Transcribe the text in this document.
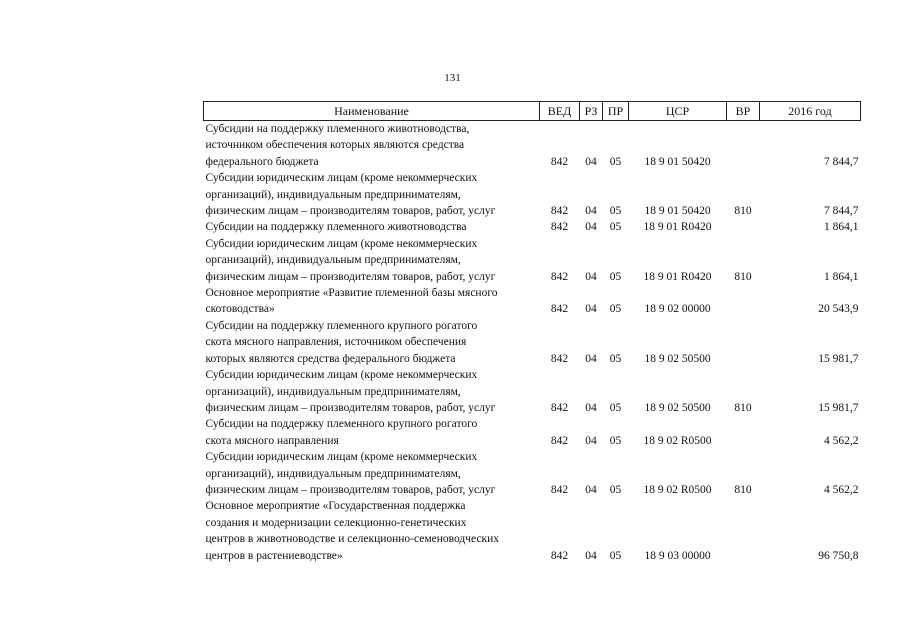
131
Наименование	ВЕД	РЗ	ПР	ЦСР	ВР	2016 год

Субсидии на поддержку племенного животноводства,
источником обеспечения которых являются средства
федерального бюджета	842	04	05	18 9 01 50420		7 844,7

Субсидии юридическим лицам (кроме некоммерческих
организаций), индивидуальным предпринимателям,
физическим лицам – производителям товаров, работ, услуг	842	04	05	18 9 01 50420	810	7 844,7

Субсидии на поддержку племенного животноводства	842	04	05	18 9 01 R0420		1 864,1

Субсидии юридическим лицам (кроме некоммерческих
организаций), индивидуальным предпринимателям,
физическим лицам – производителям товаров, работ, услуг	842	04	05	18 9 01 R0420	810	1 864,1

Основное мероприятие «Развитие племенной базы мясного
скотоводства»	842	04	05	18 9 02 00000		20 543,9

Субсидии на поддержку племенного крупного рогатого
скота мясного направления, источником обеспечения
которых являются средства федерального бюджета	842	04	05	18 9 02 50500		15 981,7

Субсидии юридическим лицам (кроме некоммерческих
организаций), индивидуальным предпринимателям,
физическим лицам – производителям товаров, работ, услуг	842	04	05	18 9 02 50500	810	15 981,7

Субсидии на поддержку племенного крупного рогатого
скота мясного направления	842	04	05	18 9 02 R0500		4 562,2

Субсидии юридическим лицам (кроме некоммерческих
организаций), индивидуальным предпринимателям,
физическим лицам – производителям товаров, работ, услуг	842	04	05	18 9 02 R0500	810	4 562,2

Основное мероприятие «Государственная поддержка
создания и модернизации селекционно-генетических
центров в животноводстве и селекционно-семеноводческих
центров в растениеводстве»	842	04	05	18 9 03 00000		96 750,8
